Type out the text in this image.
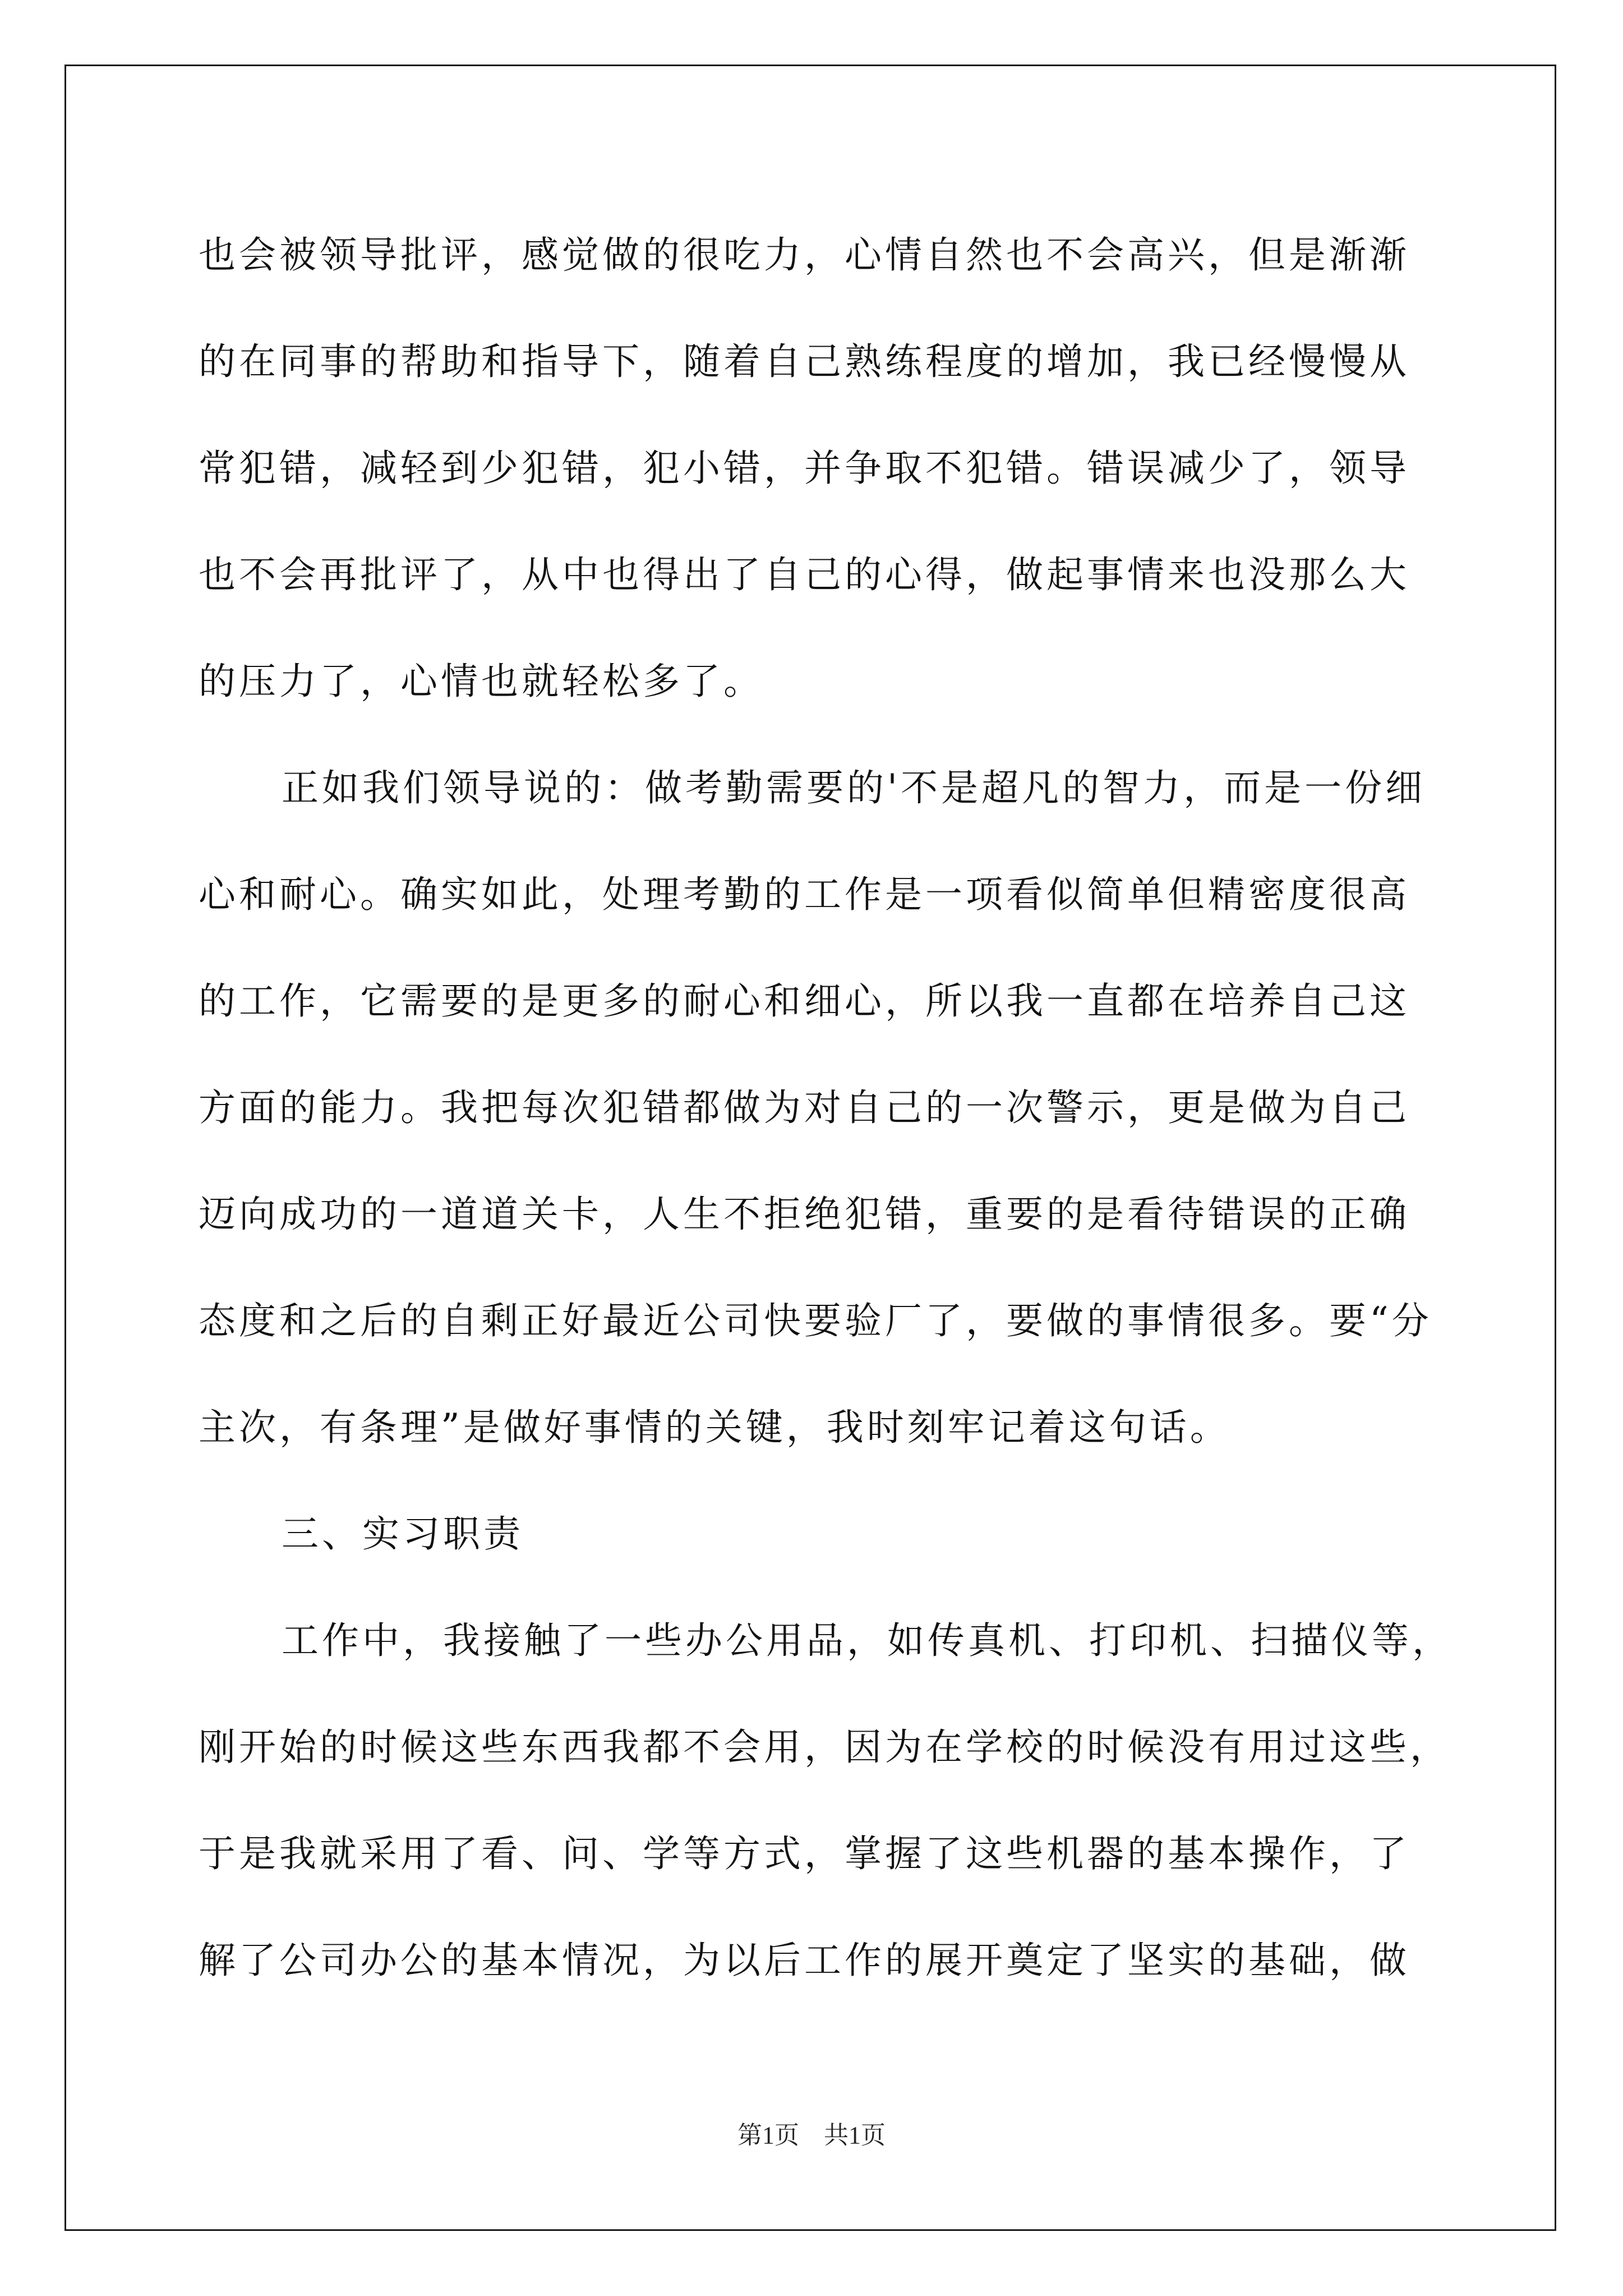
也会被领导批评，感觉做的很吃力，心情自然也不会高兴，但是渐渐
的在同事的帮助和指导下，随着自己熟练程度的增加，我已经慢慢从
常犯错，减轻到少犯错，犯小错，并争取不犯错。错误减少了，领导
也不会再批评了，从中也得出了自己的心得，做起事情来也没那么大
的压力了，心情也就轻松多了。
正如我们领导说的：做考勤需要的'不是超凡的智力，而是一份细
心和耐心。确实如此，处理考勤的工作是一项看似简单但精密度很高
的工作，它需要的是更多的耐心和细心，所以我一直都在培养自己这
方面的能力。我把每次犯错都做为对自己的一次警示，更是做为自己
迈向成功的一道道关卡，人生不拒绝犯错，重要的是看待错误的正确
态度和之后的自剩正好最近公司快要验厂了，要做的事情很多。要“分
主次，有条理”是做好事情的关键，我时刻牢记着这句话。
三、实习职责
工作中，我接触了一些办公用品，如传真机、打印机、扫描仪等，
刚开始的时候这些东西我都不会用，因为在学校的时候没有用过这些，
于是我就采用了看、问、学等方式，掌握了这些机器的基本操作，了
解了公司办公的基本情况，为以后工作的展开奠定了坚实的基础，做
第1页　共1页
